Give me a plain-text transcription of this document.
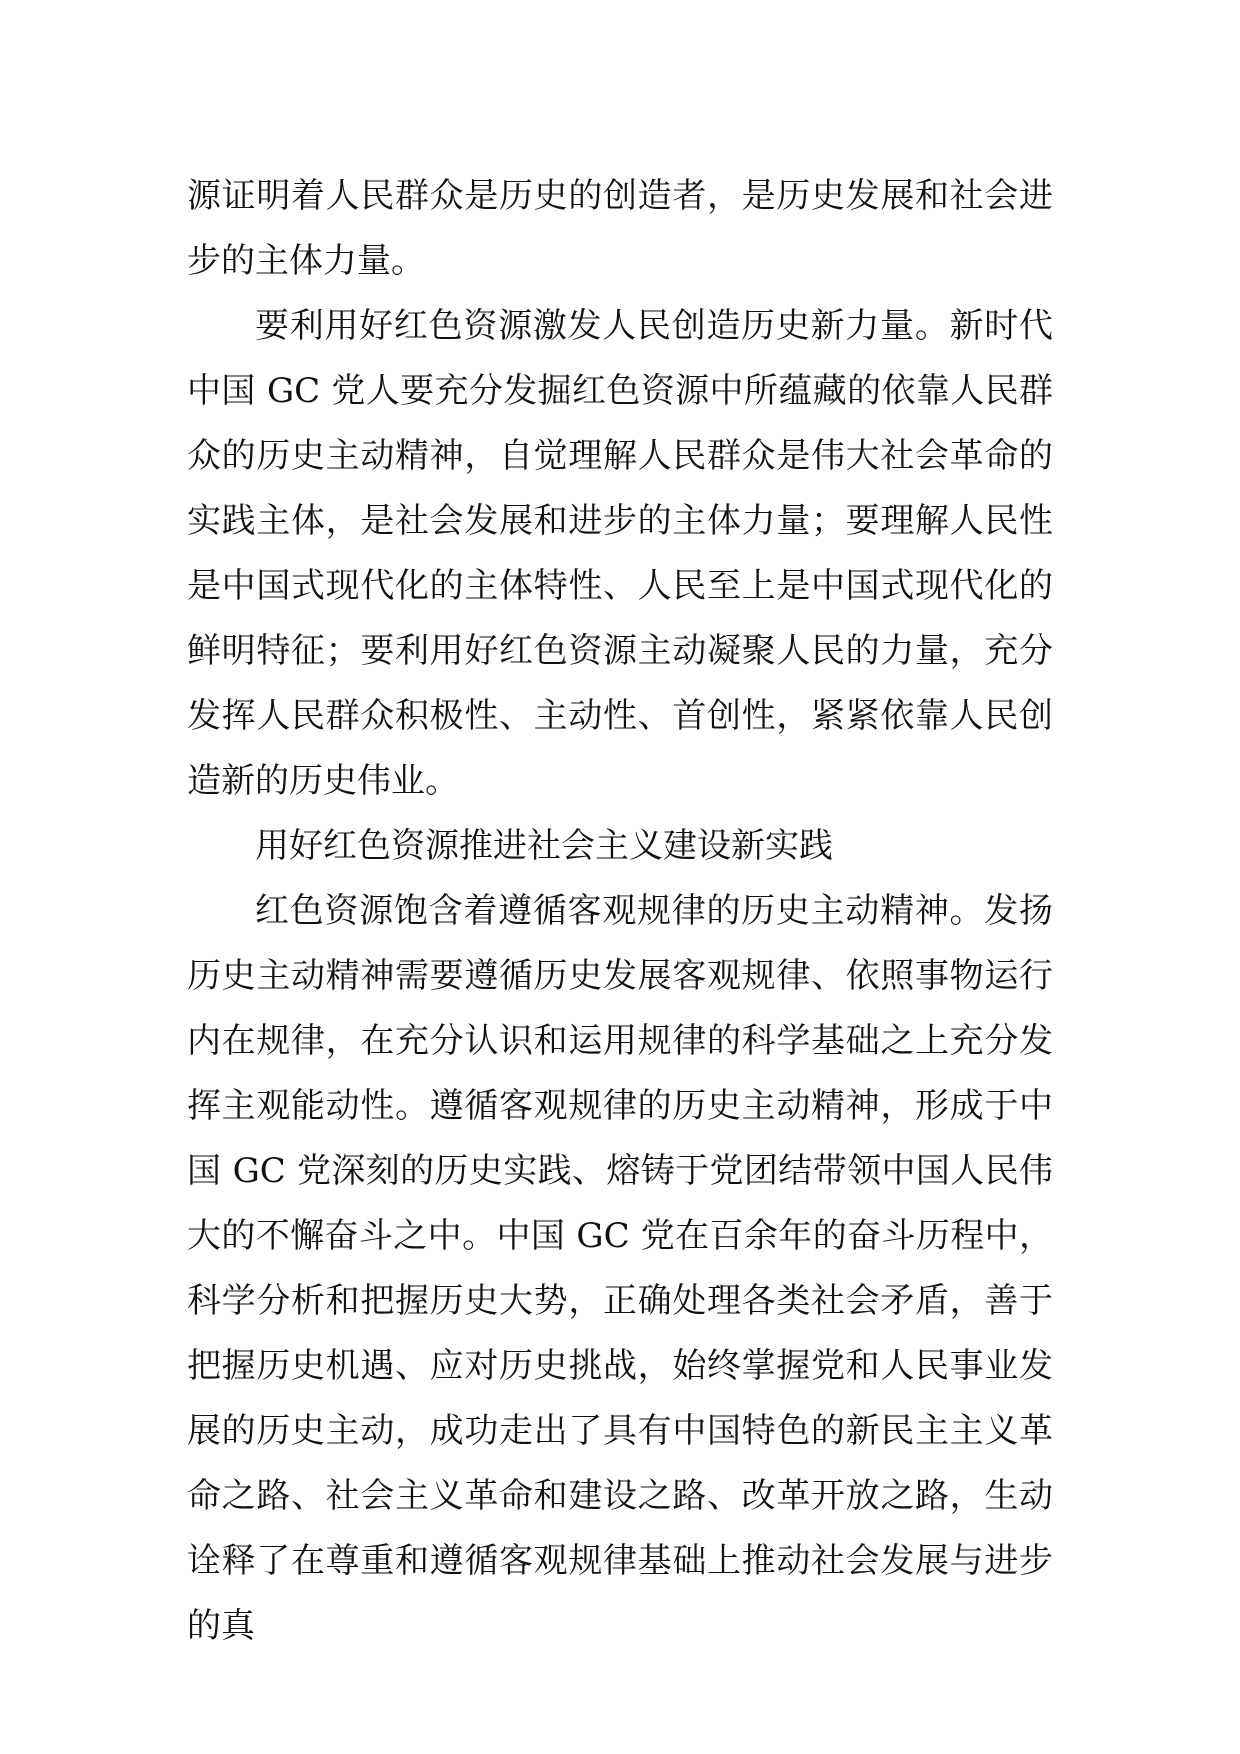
源证明着人民群众是历史的创造者，是历史发展和社会进步的主体力量。

要利用好红色资源激发人民创造历史新力量。新时代中国 GC 党人要充分发掘红色资源中所蕴藏的依靠人民群众的历史主动精神，自觉理解人民群众是伟大社会革命的实践主体，是社会发展和进步的主体力量；要理解人民性是中国式现代化的主体特性、人民至上是中国式现代化的鲜明特征；要利用好红色资源主动凝聚人民的力量，充分发挥人民群众积极性、主动性、首创性，紧紧依靠人民创造新的历史伟业。

用好红色资源推进社会主义建设新实践

红色资源饱含着遵循客观规律的历史主动精神。发扬历史主动精神需要遵循历史发展客观规律、依照事物运行内在规律，在充分认识和运用规律的科学基础之上充分发挥主观能动性。遵循客观规律的历史主动精神，形成于中国 GC 党深刻的历史实践、熔铸于党团结带领中国人民伟大的不懈奋斗之中。中国 GC 党在百余年的奋斗历程中，科学分析和把握历史大势，正确处理各类社会矛盾，善于把握历史机遇、应对历史挑战，始终掌握党和人民事业发展的历史主动，成功走出了具有中国特色的新民主主义革命之路、社会主义革命和建设之路、改革开放之路，生动诠释了在尊重和遵循客观规律基础上推动社会发展与进步的真
